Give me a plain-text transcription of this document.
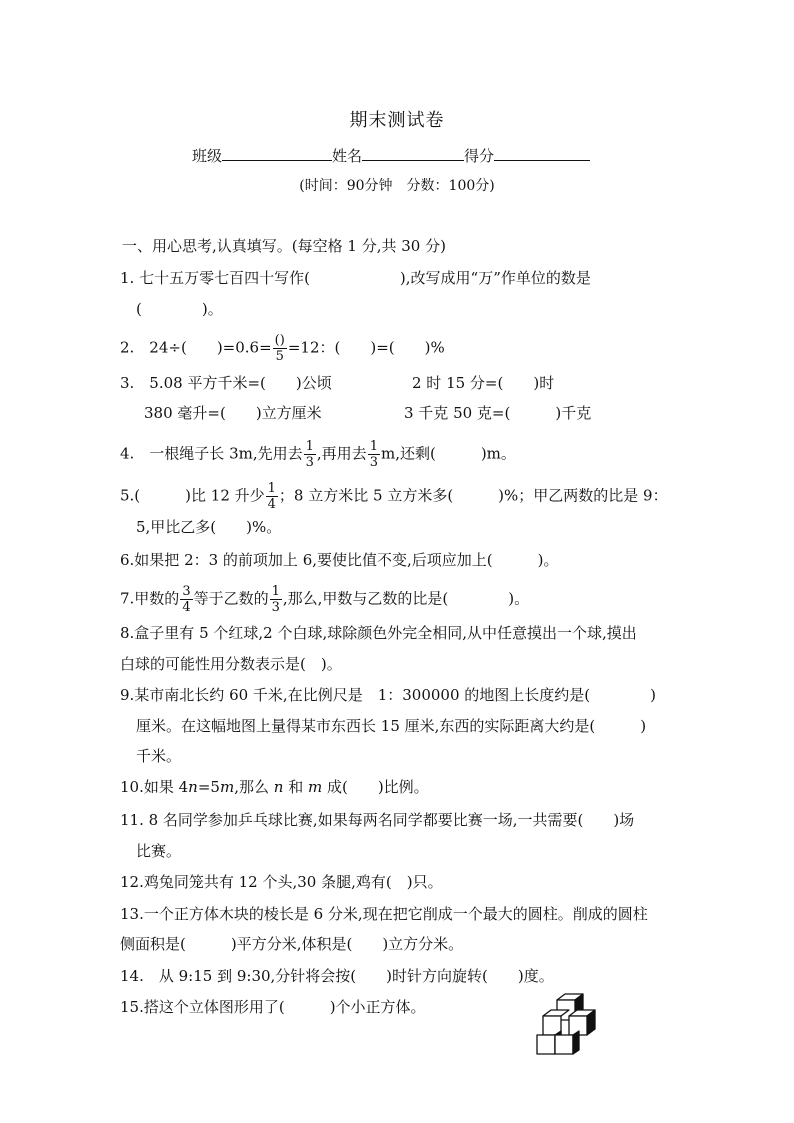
期末测试卷
班级	姓名	得分
(时间：90分钟　分数：100分)
一、用心思考,认真填写。(每空格 1 分,共 30 分)
1. 七十五万零七百四十写作(　　　　　　),改写成用“万”作单位的数是
(　　　　)。
2.　24÷(　　)$=0.6= \frac{()}{5} =12$：(　　)=(　　)%
3.　5.08 平方千米=(　　)公顷	2 时 15 分=(　　)时
380 毫升=(　　)立方厘米	3 千克 50 克=(　　　)千克
4.　一根绳子长 3m,先用去 $\frac{1}{3}$ ,再用去 $\frac{1}{3} m$,还剩(　　　)m。
5.(　　　)比 12 升少 $\frac{1}{4}$ ；8 立方米比 5 立方米多(　　　)%；甲乙两数的比是 9：
5,甲比乙多(　　)%。
6.如果把 2：3 的前项加上 6,要使比值不变,后项应加上(　　　)。
7.甲数的 $\frac{3}{4}$ 等于乙数的 $\frac{1}{3}$ ,那么,甲数与乙数的比是(　　　　)。
8.盒子里有 5 个红球,2 个白球,球除颜色外完全相同,从中任意摸出一个球,摸出
白球的可能性用分数表示是(　)。
9.某市南北长约 60 千米,在比例尺是　1：300000 的地图上长度约是(　　　　)
厘米。在这幅地图上量得某市东西长 15 厘米,东西的实际距离大约是(　　　)
千米。
10.如果 4n=5m,那么 n 和 m 成(　　)比例。
11. 8 名同学参加乒乓球比赛,如果每两名同学都要比赛一场,一共需要(　　)场
比赛。
12.鸡兔同笼共有 12 个头,30 条腿,鸡有(　)只。
13.一个正方体木块的棱长是 6 分米,现在把它削成一个最大的圆柱。削成的圆柱
侧面积是(　　　)平方分米,体积是(　　)立方分米。
14.　从 9:15 到 9:30,分针将会按(　　)时针方向旋转(　　)度。
15.搭这个立体图形用了(　　　)个小正方体。
